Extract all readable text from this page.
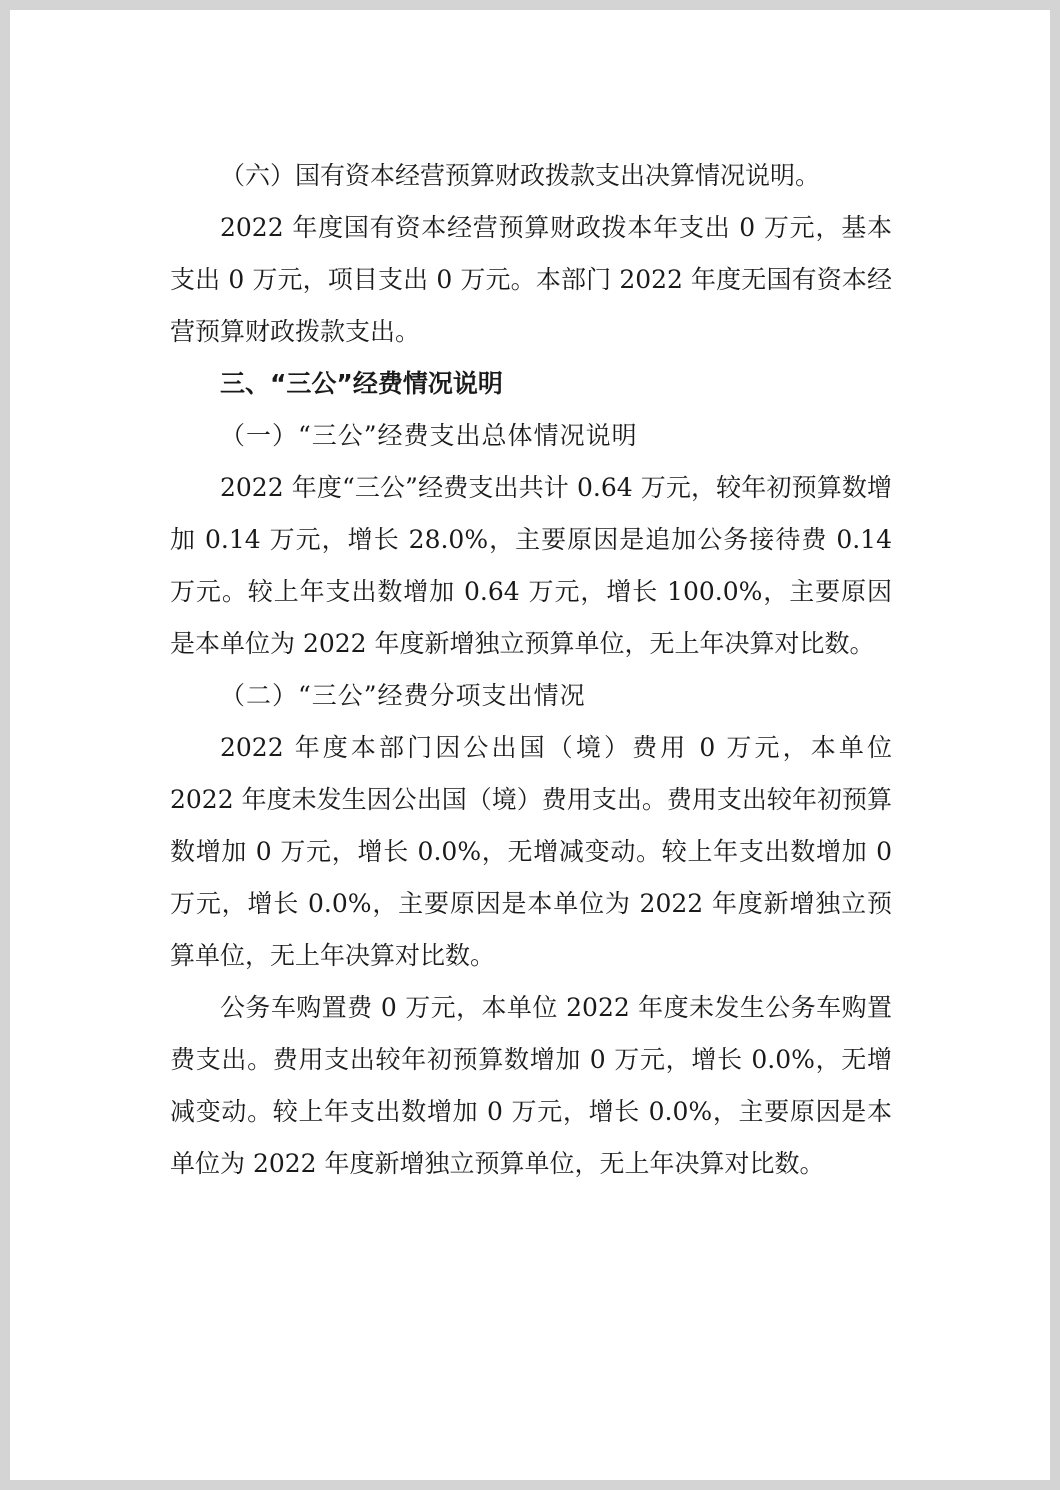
（六）国有资本经营预算财政拨款支出决算情况说明。

2022 年度国有资本经营预算财政拨本年支出 0 万元，基本支出 0 万元，项目支出 0 万元。本部门 2022 年度无国有资本经营预算财政拨款支出。

三、“三公”经费情况说明

（一）“三公”经费支出总体情况说明

2022 年度“三公”经费支出共计 0.64 万元，较年初预算数增加 0.14 万元，增长 28.0%，主要原因是追加公务接待费 0.14 万元。较上年支出数增加 0.64 万元，增长 100.0%，主要原因是本单位为 2022 年度新增独立预算单位，无上年决算对比数。

（二）“三公”经费分项支出情况

2022 年度本部门因公出国（境）费用 0 万元，本单位 2022 年度未发生因公出国（境）费用支出。费用支出较年初预算数增加 0 万元，增长 0.0%，无增减变动。较上年支出数增加 0 万元，增长 0.0%，主要原因是本单位为 2022 年度新增独立预算单位，无上年决算对比数。

公务车购置费 0 万元，本单位 2022 年度未发生公务车购置费支出。费用支出较年初预算数增加 0 万元，增长 0.0%，无增减变动。较上年支出数增加 0 万元，增长 0.0%，主要原因是本单位为 2022 年度新增独立预算单位，无上年决算对比数。
